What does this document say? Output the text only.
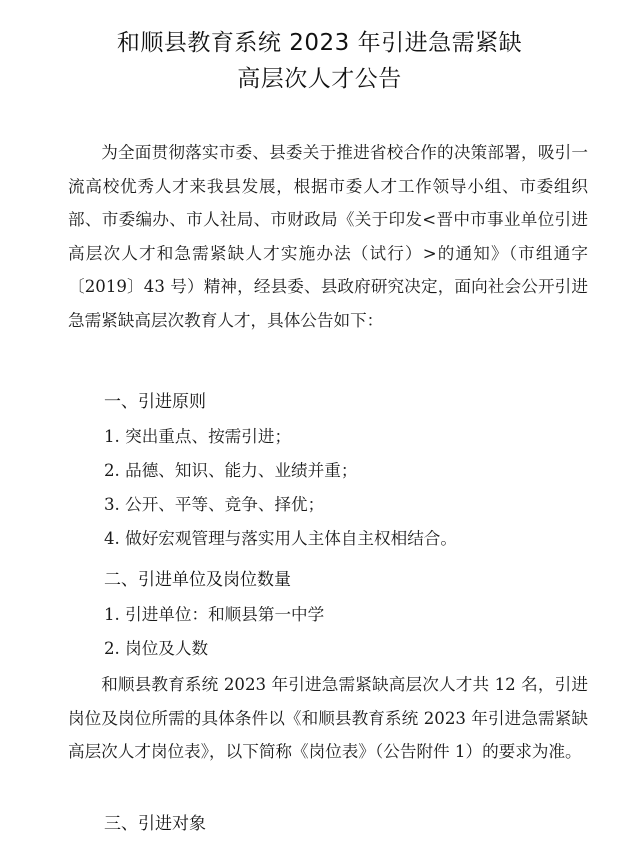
和顺县教育系统 2023 年引进急需紧缺
高层次人才公告

为全面贯彻落实市委、县委关于推进省校合作的决策部署，吸引一流高校优秀人才来我县发展，根据市委人才工作领导小组、市委组织部、市委编办、市人社局、市财政局《关于印发<晋中市事业单位引进高层次人才和急需紧缺人才实施办法（试行）>的通知》（市组通字〔2019〕43 号）精神，经县委、县政府研究决定，面向社会公开引进急需紧缺高层次教育人才，具体公告如下：

一、引进原则

1. 突出重点、按需引进；

2. 品德、知识、能力、业绩并重；

3. 公开、平等、竞争、择优；

4. 做好宏观管理与落实用人主体自主权相结合。

二、引进单位及岗位数量

1. 引进单位：和顺县第一中学

2. 岗位及人数

和顺县教育系统 2023 年引进急需紧缺高层次人才共 12 名，引进岗位及岗位所需的具体条件以《和顺县教育系统 2023 年引进急需紧缺高层次人才岗位表》，以下简称《岗位表》（公告附件 1）的要求为准。

三、引进对象
